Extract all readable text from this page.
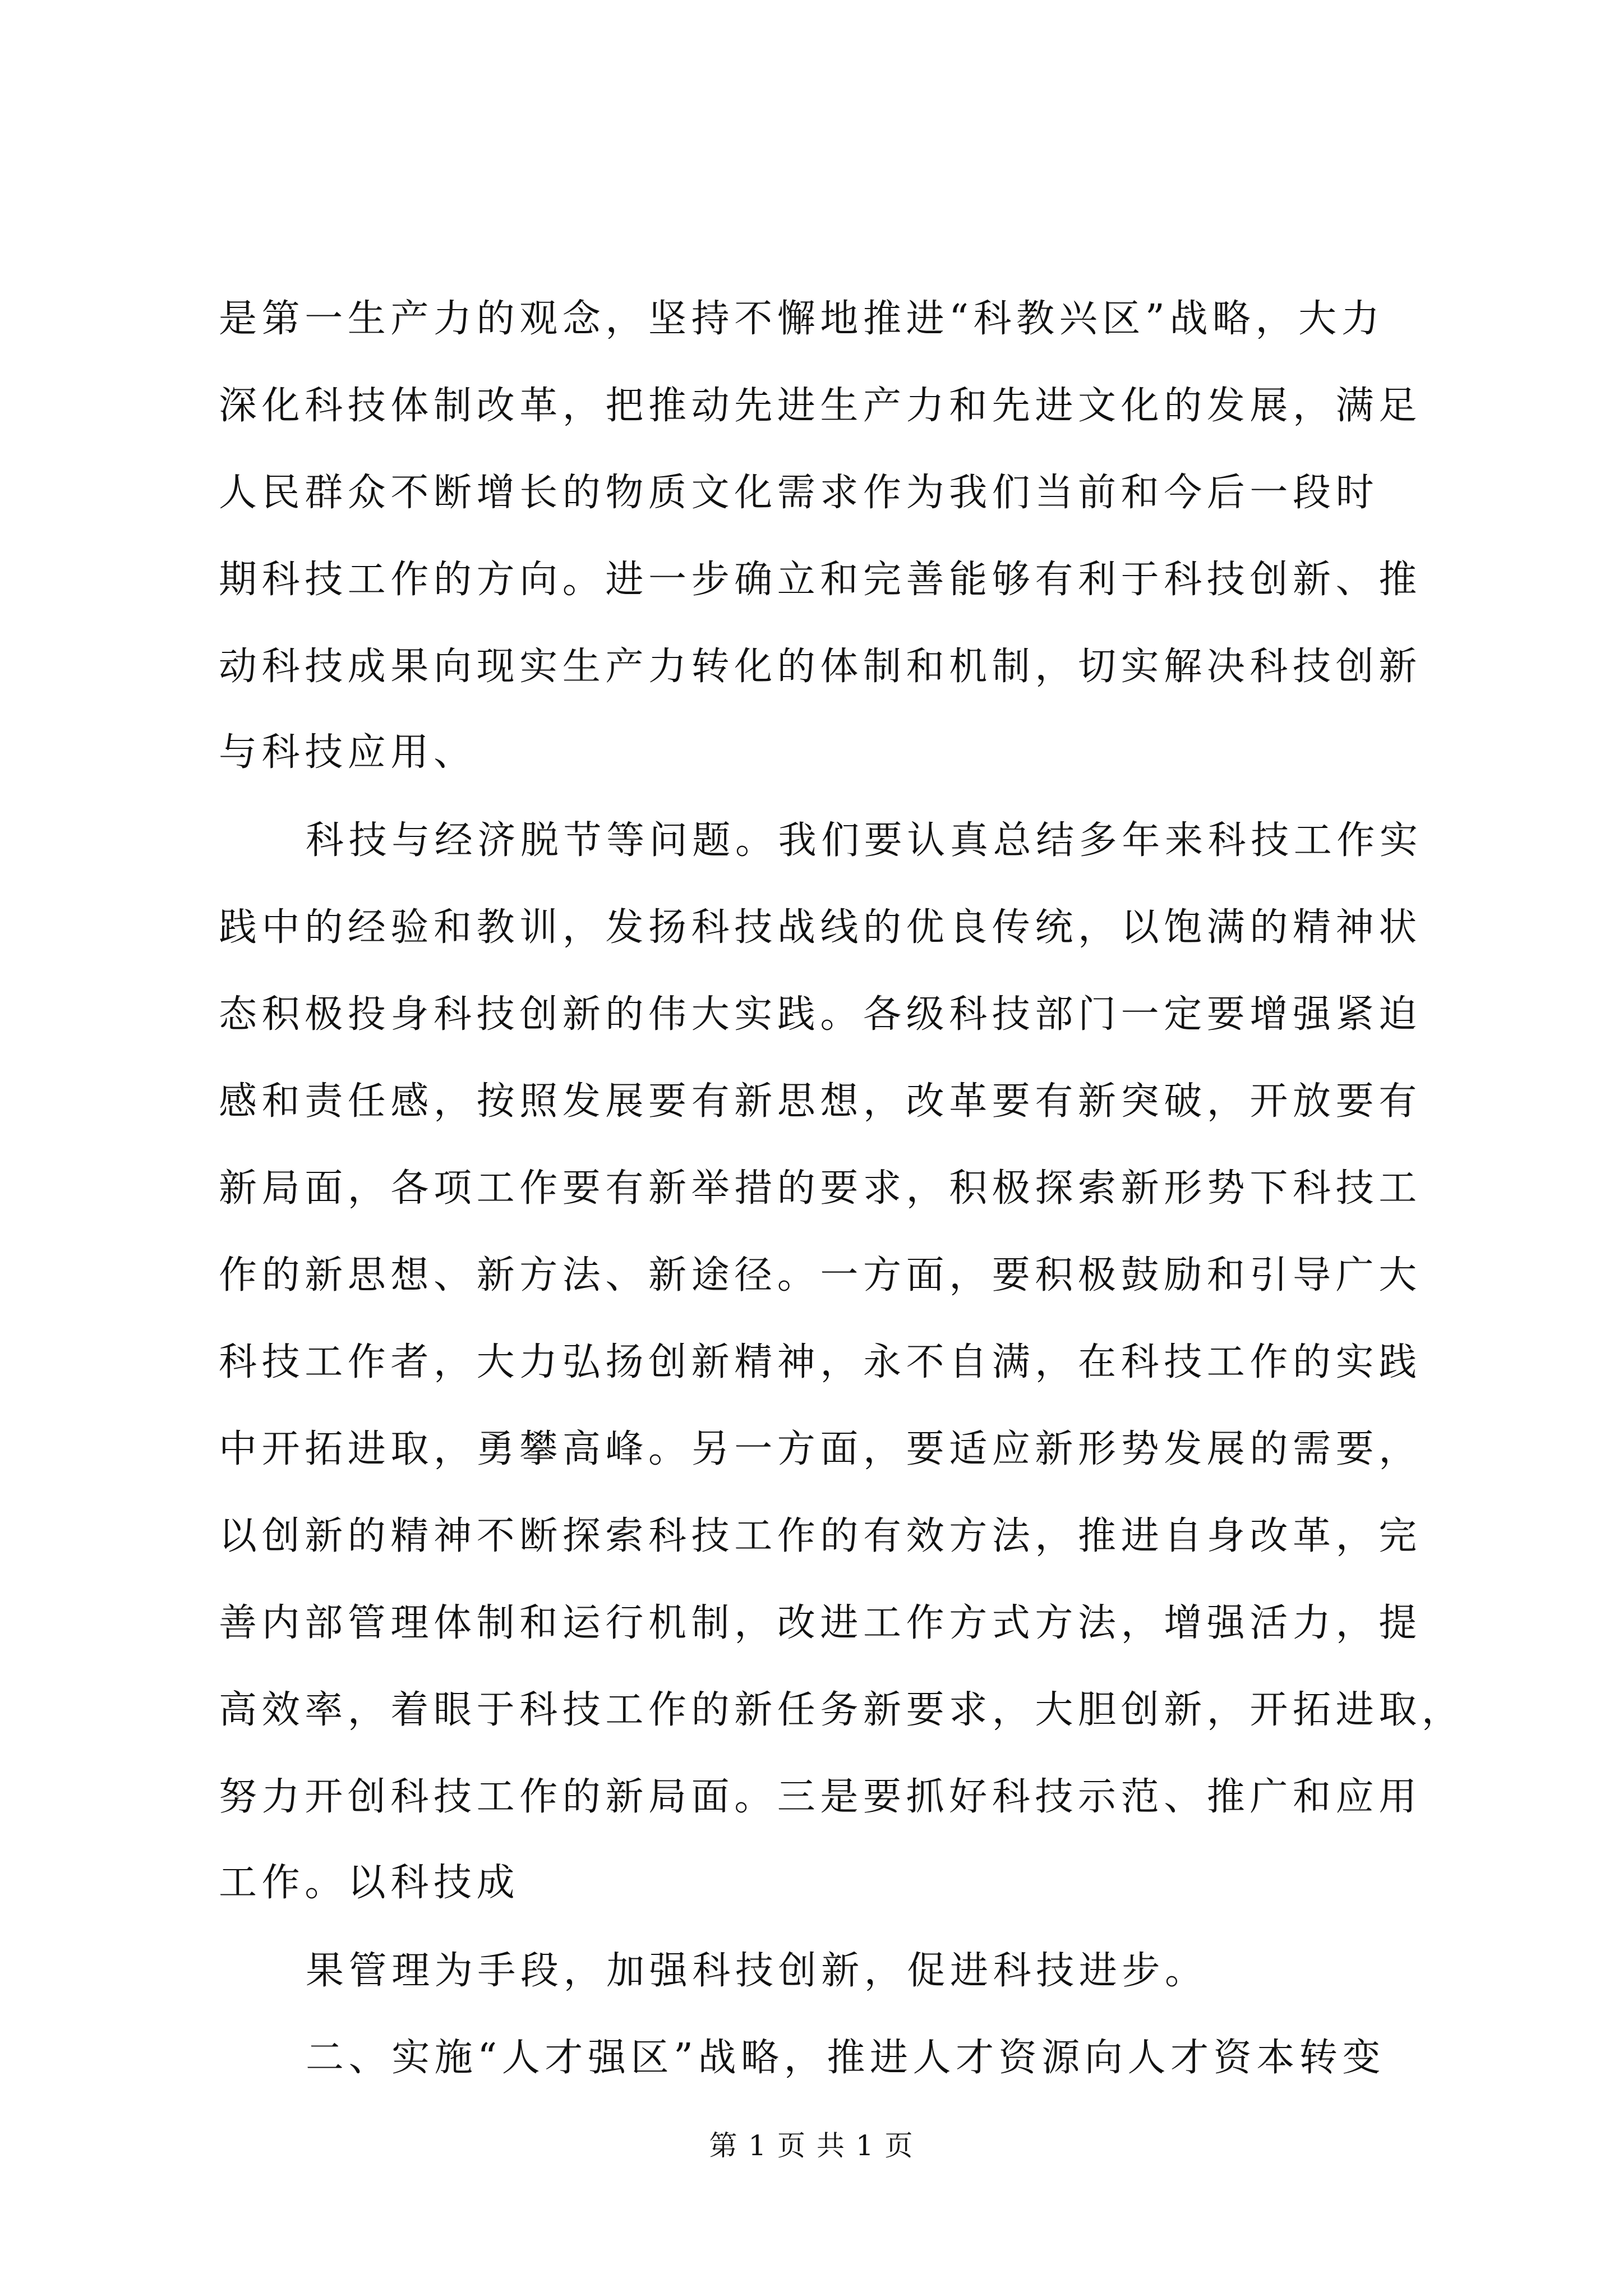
是第一生产力的观念，坚持不懈地推进“科教兴区”战略，大力
深化科技体制改革，把推动先进生产力和先进文化的发展，满足
人民群众不断增长的物质文化需求作为我们当前和今后一段时
期科技工作的方向。进一步确立和完善能够有利于科技创新、推
动科技成果向现实生产力转化的体制和机制，切实解决科技创新
与科技应用、
科技与经济脱节等问题。我们要认真总结多年来科技工作实
践中的经验和教训，发扬科技战线的优良传统，以饱满的精神状
态积极投身科技创新的伟大实践。各级科技部门一定要增强紧迫
感和责任感，按照发展要有新思想，改革要有新突破，开放要有
新局面，各项工作要有新举措的要求，积极探索新形势下科技工
作的新思想、新方法、新途径。一方面，要积极鼓励和引导广大
科技工作者，大力弘扬创新精神，永不自满，在科技工作的实践
中开拓进取，勇攀高峰。另一方面，要适应新形势发展的需要，
以创新的精神不断探索科技工作的有效方法，推进自身改革，完
善内部管理体制和运行机制，改进工作方式方法，增强活力，提
高效率，着眼于科技工作的新任务新要求，大胆创新，开拓进取，
努力开创科技工作的新局面。三是要抓好科技示范、推广和应用
工作。以科技成
果管理为手段，加强科技创新，促进科技进步。
二、实施“人才强区”战略，推进人才资源向人才资本转变
第 1 页 共 1 页
